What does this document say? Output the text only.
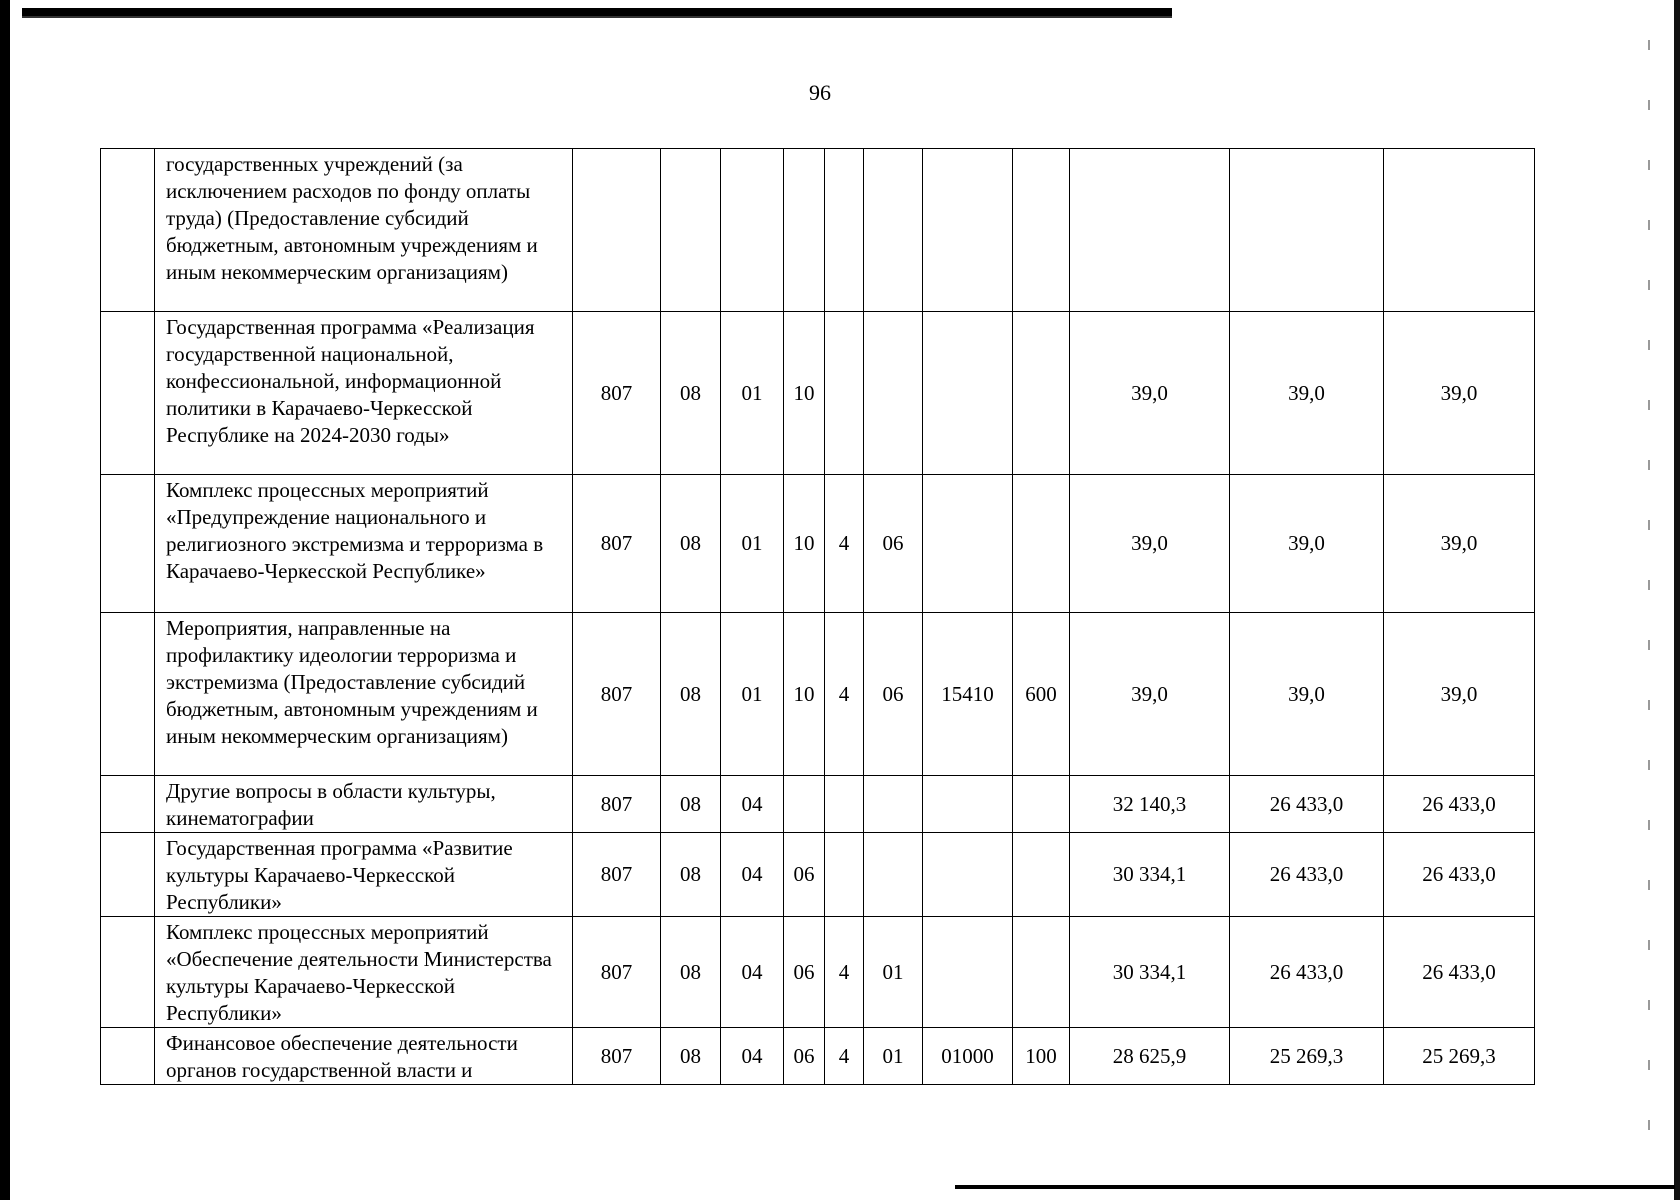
96
	государственных учреждений (за исключением расходов по фонду оплаты труда) (Предоставление субсидий бюджетным, автономным учреждениям и иным некоммерческим организациям)											
	Государственная программа «Реализация государственной национальной, конфессиональной, информационной политики в Карачаево-Черкесской Республике на 2024-2030 годы»	807	08	01	10					39,0	39,0	39,0
	Комплекс процессных мероприятий «Предупреждение национального и религиозного экстремизма и терроризма в Карачаево-Черкесской Республике»	807	08	01	10	4	06			39,0	39,0	39,0
	Мероприятия, направленные на профилактику идеологии терроризма и экстремизма (Предоставление субсидий бюджетным, автономным учреждениям и иным некоммерческим организациям)	807	08	01	10	4	06	15410	600	39,0	39,0	39,0
	Другие вопросы в области культуры, кинематографии	807	08	04						32 140,3	26 433,0	26 433,0
	Государственная программа «Развитие культуры Карачаево-Черкесской Республики»	807	08	04	06					30 334,1	26 433,0	26 433,0
	Комплекс процессных мероприятий «Обеспечение деятельности Министерства культуры Карачаево-Черкесской Республики»	807	08	04	06	4	01			30 334,1	26 433,0	26 433,0
	Финансовое обеспечение деятельности органов государственной власти и	807	08	04	06	4	01	01000	100	28 625,9	25 269,3	25 269,3
